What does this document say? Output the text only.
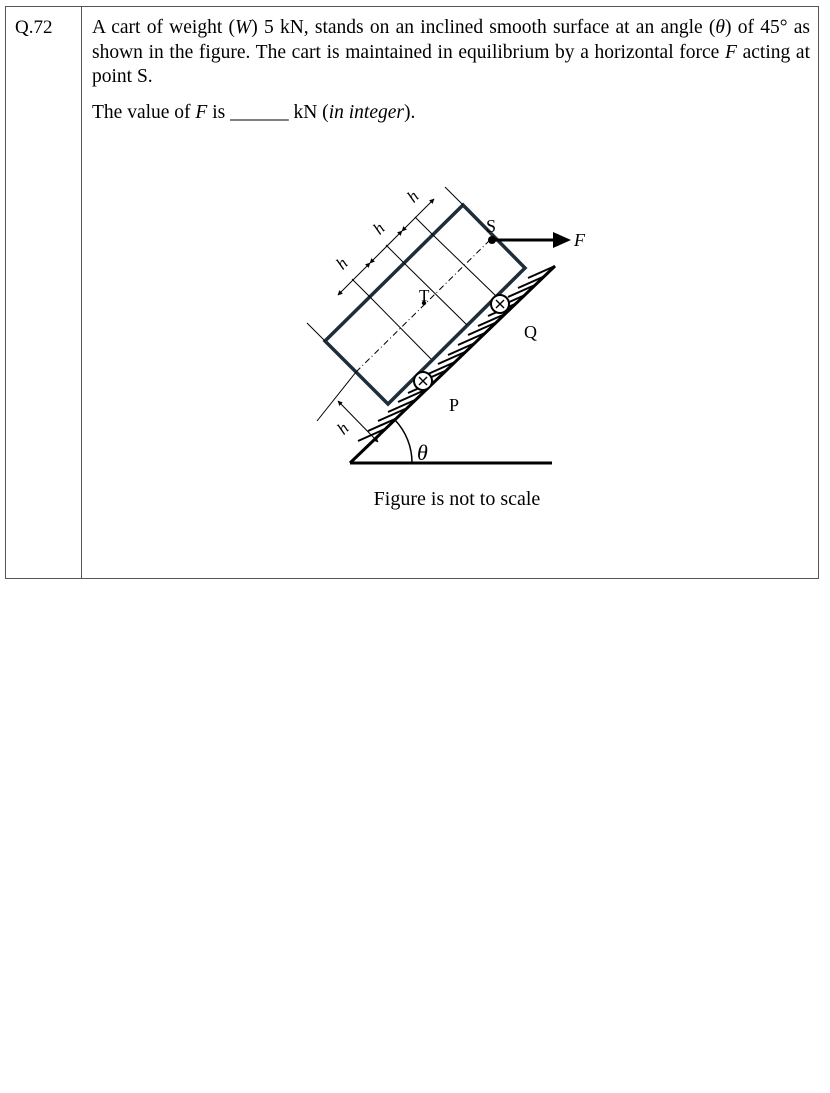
Q.72	A cart of weight (W) 5 kN, stands on an inclined smooth surface at an angle (θ) of 45° as shown in the figure. The cart is maintained in equilibrium by a horizontal force F acting at point S.
The value of F is ______ kN (in integer).
θ
h
h
h
h
T
P
Q
S
F
Figure is not to scale
